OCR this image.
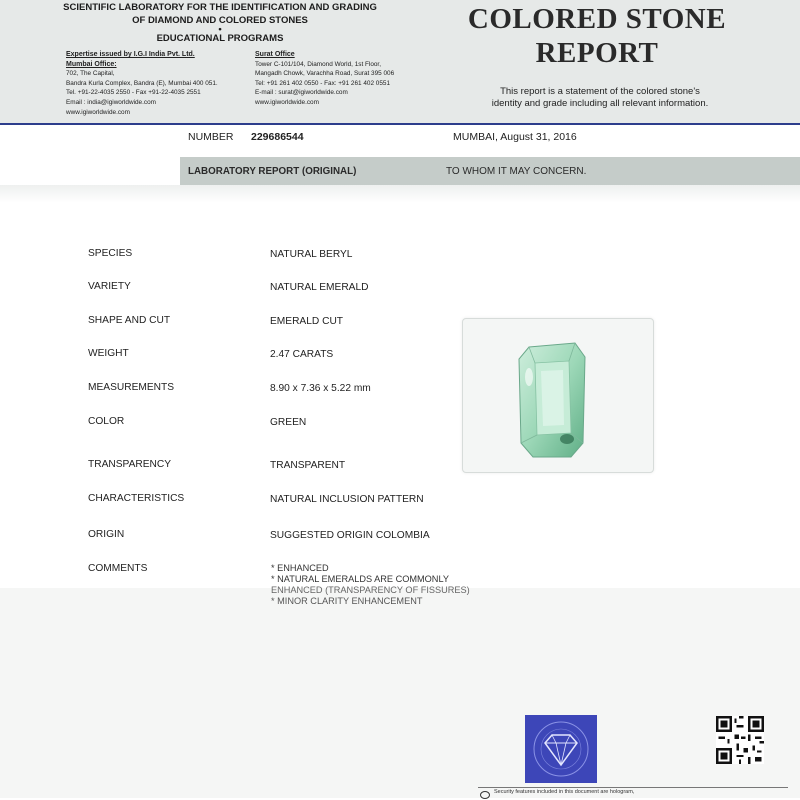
SCIENTIFIC LABORATORY FOR THE IDENTIFICATION AND GRADING
OF DIAMOND AND COLORED STONES
•
EDUCATIONAL PROGRAMS
Expertise issued by I.G.I India Pvt. Ltd.
Mumbai Office:
702, The Capital,
Bandra Kurla Complex, Bandra (E), Mumbai 400 051.
Tel. +91-22-4035 2550 - Fax +91-22-4035 2551
Email : india@igiworldwide.com
www.igiworldwide.com
Surat Office
Tower C-101/104, Diamond World, 1st Floor,
Mangadh Chowk, Varachha Road, Surat 395 006
Tel: +91 261 402 0550 - Fax: +91 261 402 0551
E-mail : surat@igiworldwide.com
www.igiworldwide.com
COLORED STONE
REPORT
This report is a statement of the colored stone's
identity and grade including all relevant information.
NUMBER 229686544	MUMBAI, August 31, 2016
LABORATORY REPORT (ORIGINAL)	TO WHOM IT MAY CONCERN.
SPECIES	NATURAL BERYL
VARIETY	NATURAL EMERALD
SHAPE AND CUT	EMERALD CUT
WEIGHT	2.47 CARATS
MEASUREMENTS	8.90 x 7.36 x 5.22 mm
COLOR	GREEN
TRANSPARENCY	TRANSPARENT
CHARACTERISTICS	NATURAL INCLUSION PATTERN
ORIGIN	SUGGESTED ORIGIN COLOMBIA
COMMENTS	* ENHANCED
* NATURAL EMERALDS ARE COMMONLY
ENHANCED (TRANSPARENCY OF FISSURES)
* MINOR CLARITY ENHANCEMENT
Security features included in this document are hologram,
